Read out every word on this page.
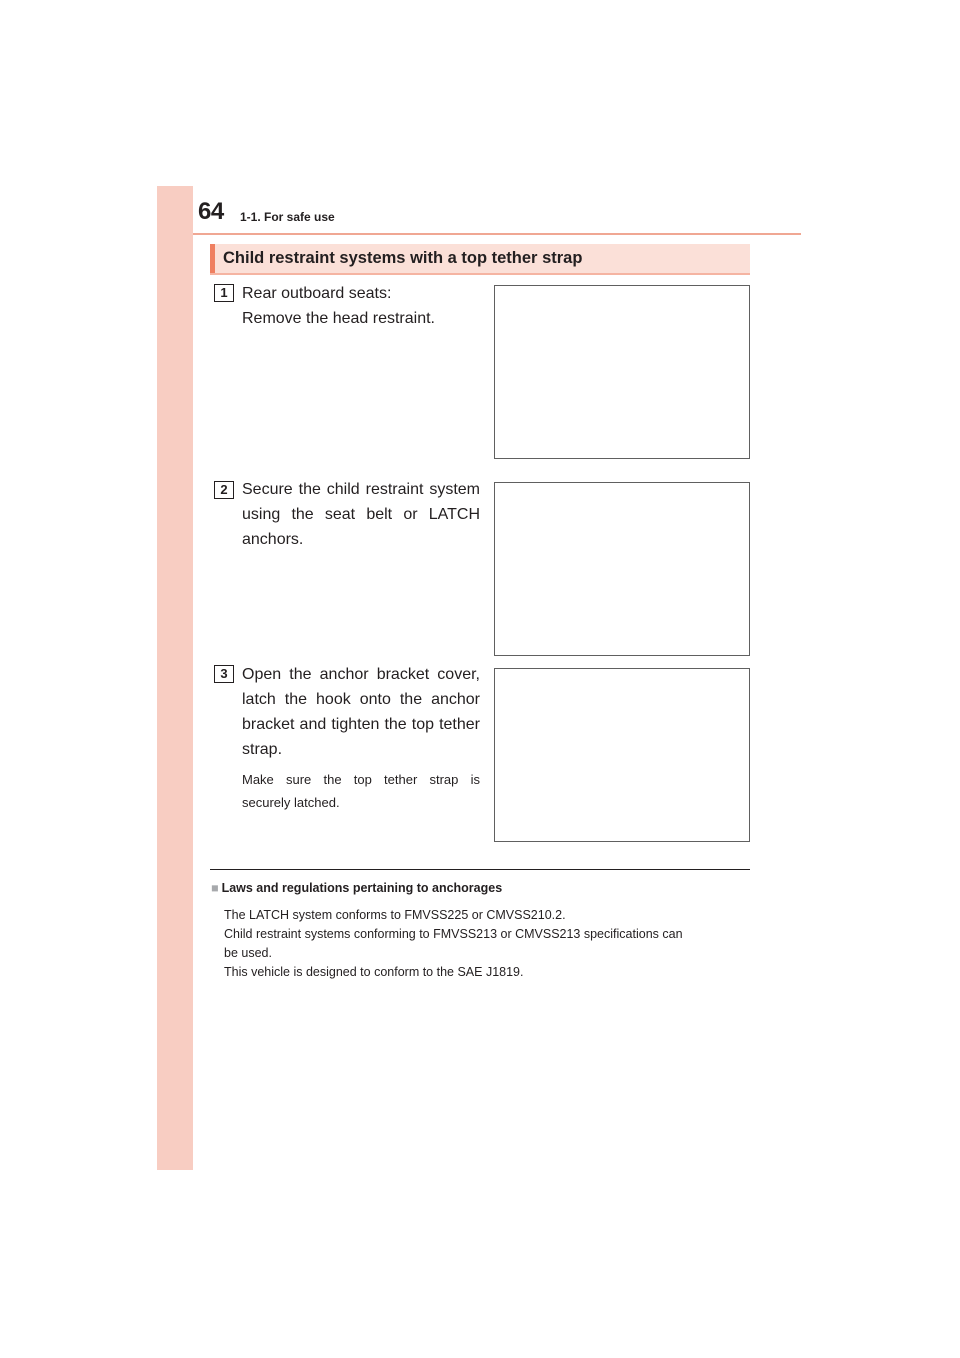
64 1-1. For safe use
Child restraint systems with a top tether strap
1 Rear outboard seats:
Remove the head restraint.
2 Secure the child restraint system
using the seat belt or LATCH
anchors.
3 Open the anchor bracket cover,
latch the hook onto the anchor
bracket and tighten the top tether
strap.
Make sure the top tether strap is
securely latched.
■ Laws and regulations pertaining to anchorages
The LATCH system conforms to FMVSS225 or CMVSS210.2.
Child restraint systems conforming to FMVSS213 or CMVSS213 specifications can
be used.
This vehicle is designed to conform to the SAE J1819.
